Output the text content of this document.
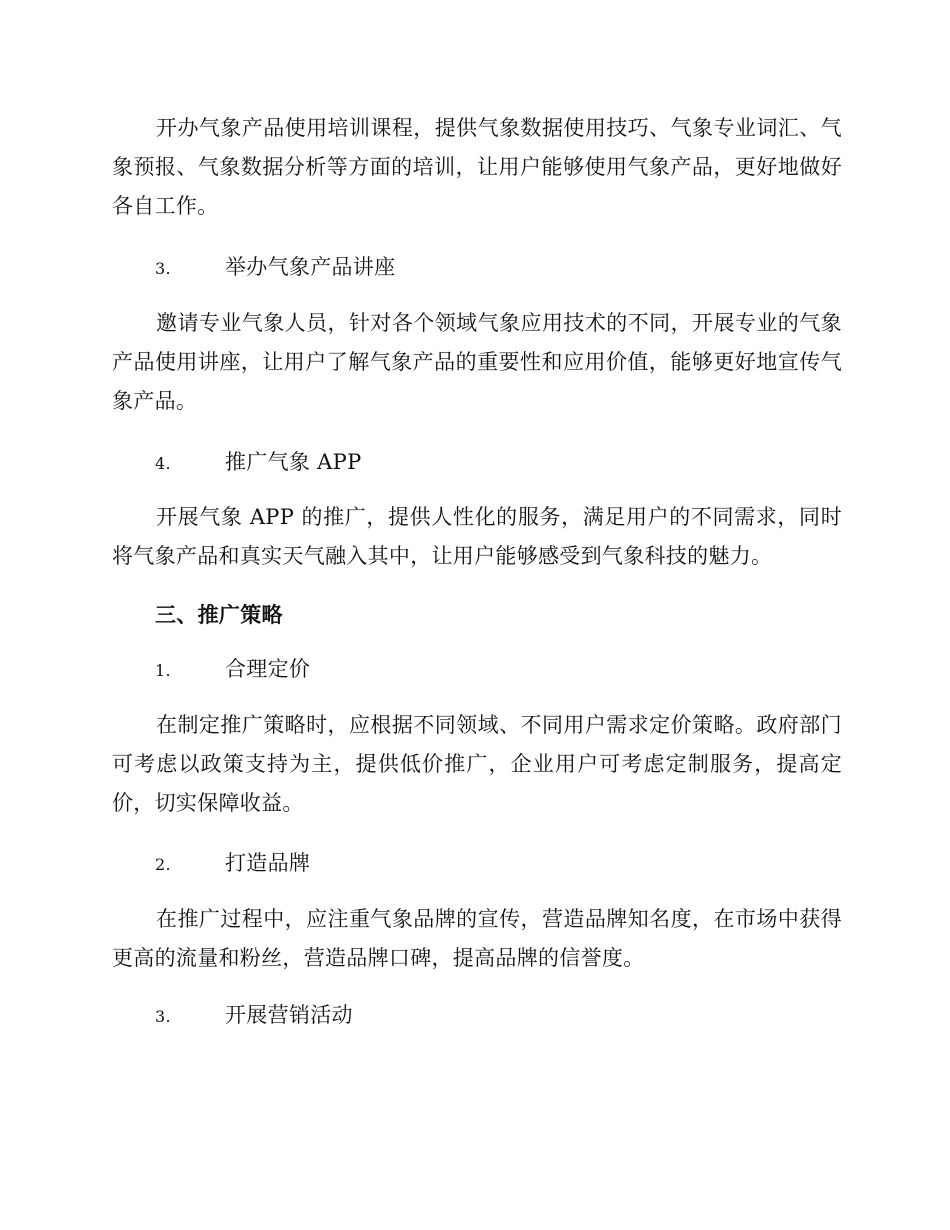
开办气象产品使用培训课程，提供气象数据使用技巧、气象专业词汇、气象预报、气象数据分析等方面的培训，让用户能够使用气象产品，更好地做好各自工作。
3.	举办气象产品讲座
邀请专业气象人员，针对各个领域气象应用技术的不同，开展专业的气象产品使用讲座，让用户了解气象产品的重要性和应用价值，能够更好地宣传气象产品。
4.	推广气象 APP
开展气象 APP 的推广，提供人性化的服务，满足用户的不同需求，同时将气象产品和真实天气融入其中，让用户能够感受到气象科技的魅力。
三、推广策略
1.	合理定价
在制定推广策略时，应根据不同领域、不同用户需求定价策略。政府部门可考虑以政策支持为主，提供低价推广，企业用户可考虑定制服务，提高定价，切实保障收益。
2.	打造品牌
在推广过程中，应注重气象品牌的宣传，营造品牌知名度，在市场中获得更高的流量和粉丝，营造品牌口碑，提高品牌的信誉度。
3.	开展营销活动
